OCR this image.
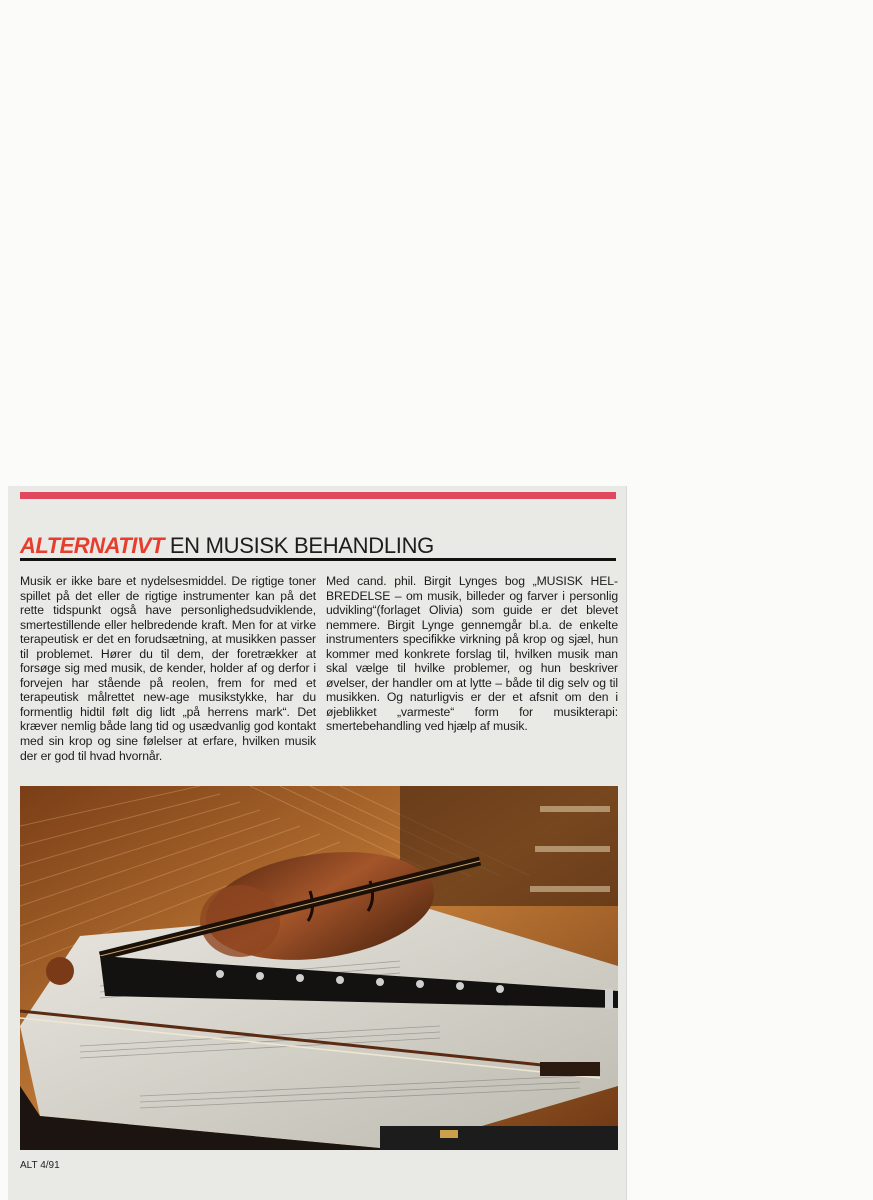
ALTERNATIVT EN MUSISK BEHANDLING

Musik er ikke bare et nydelsesmiddel. De rigtige toner spillet på det eller de rigtige instrumenter kan på det rette tidspunkt også have personlighedsudviklende, smertestillende eller helbredende kraft. Men for at virke terapeutisk er det en forudsætning, at musikken passer til problemet. Hører du til dem, der foretrækker at forsøge sig med musik, de kender, holder af og derfor i forvejen har stående på reolen, frem for med et terapeutisk målrettet new-age musikstykke, har du formentlig hidtil følt dig lidt „på herrens mark“. Det kræver nemlig både lang tid og usædvanlig god kontakt med sin krop og sine følelser at erfare, hvilken musik der er god til hvad hvornår.

Med cand. phil. Birgit Lynges bog „MUSISK HELBREDELSE – om musik, billeder og farver i personlig udvikling“(forlaget Olivia) som guide er det blevet nemmere. Birgit Lynge gennemgår bl.a. de enkelte instrumenters specifikke virkning på krop og sjæl, hun kommer med konkrete forslag til, hvilken musik man skal vælge til hvilke problemer, og hun beskriver øvelser, der handler om at lytte – både til dig selv og til musikken. Og naturligvis er der et afsnit om den i øjeblikket „varmeste“ form for musikterapi: smertebehandling ved hjælp af musik.

ALT 4/91
